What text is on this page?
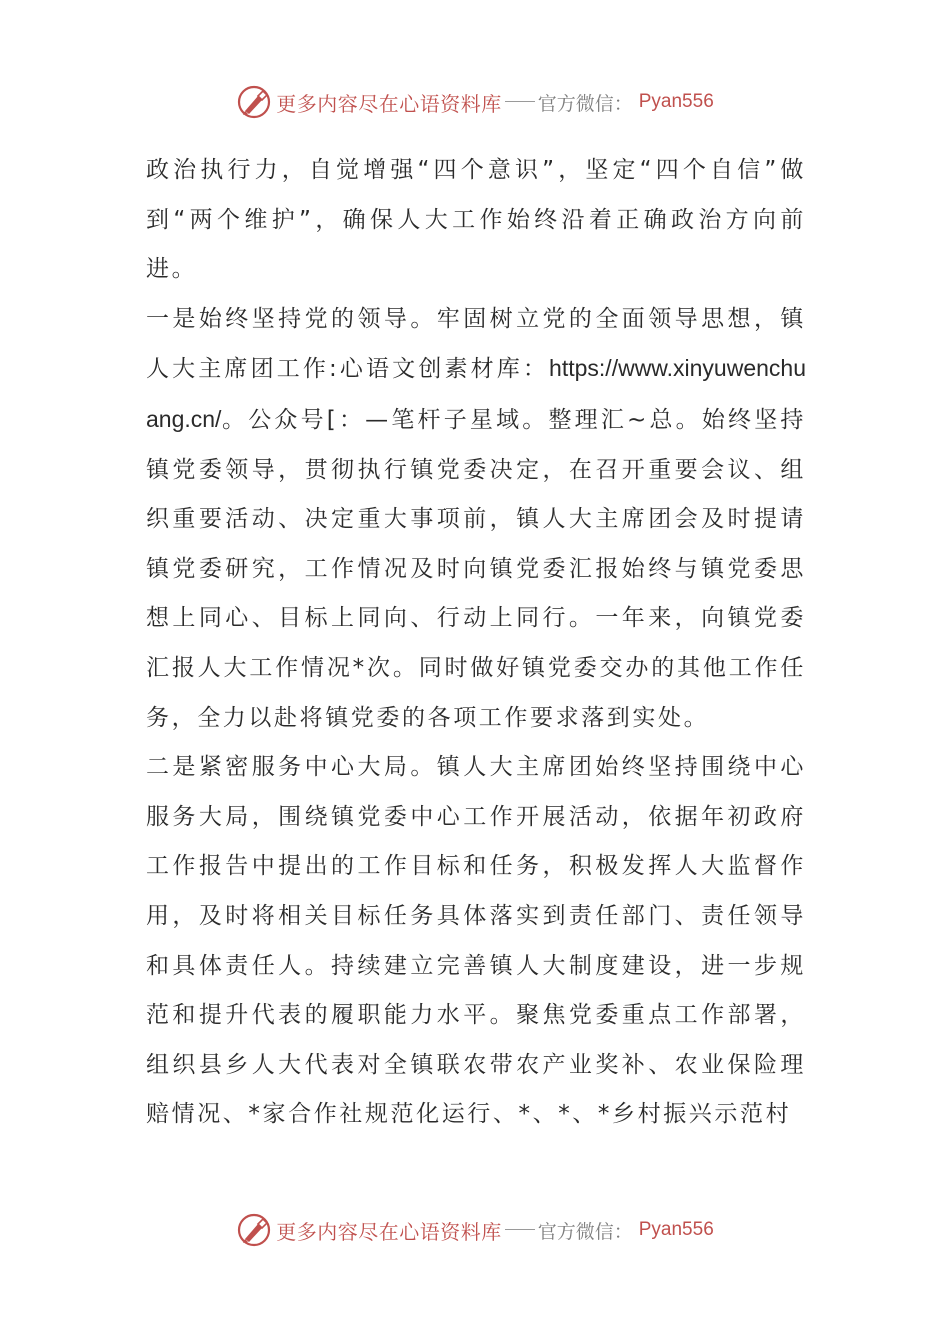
更多内容尽在心语资料库 官方微信： Pyan556

政治执行力，自觉增强“四个意识”，坚定“四个自信”做到“两个维护”，确保人大工作始终沿着正确政治方向前进。

一是始终坚持党的领导。牢固树立党的全面领导思想，镇人大主席团工作:心语文创素材库：https://www.xinyuwenchuang.cn/。公众号[：—笔杆子星域。整理汇~总。始终坚持镇党委领导，贯彻执行镇党委决定，在召开重要会议、组织重要活动、决定重大事项前，镇人大主席团会及时提请镇党委研究，工作情况及时向镇党委汇报始终与镇党委思想上同心、目标上同向、行动上同行。一年来，向镇党委汇报人大工作情况*次。同时做好镇党委交办的其他工作任务，全力以赴将镇党委的各项工作要求落到实处。

二是紧密服务中心大局。镇人大主席团始终坚持围绕中心服务大局，围绕镇党委中心工作开展活动，依据年初政府工作报告中提出的工作目标和任务，积极发挥人大监督作用，及时将相关目标任务具体落实到责任部门、责任领导和具体责任人。持续建立完善镇人大制度建设，进一步规范和提升代表的履职能力水平。聚焦党委重点工作部署，组织县乡人大代表对全镇联农带农产业奖补、农业保险理赔情况、*家合作社规范化运行、*、*、*乡村振兴示范村

更多内容尽在心语资料库 官方微信： Pyan556
